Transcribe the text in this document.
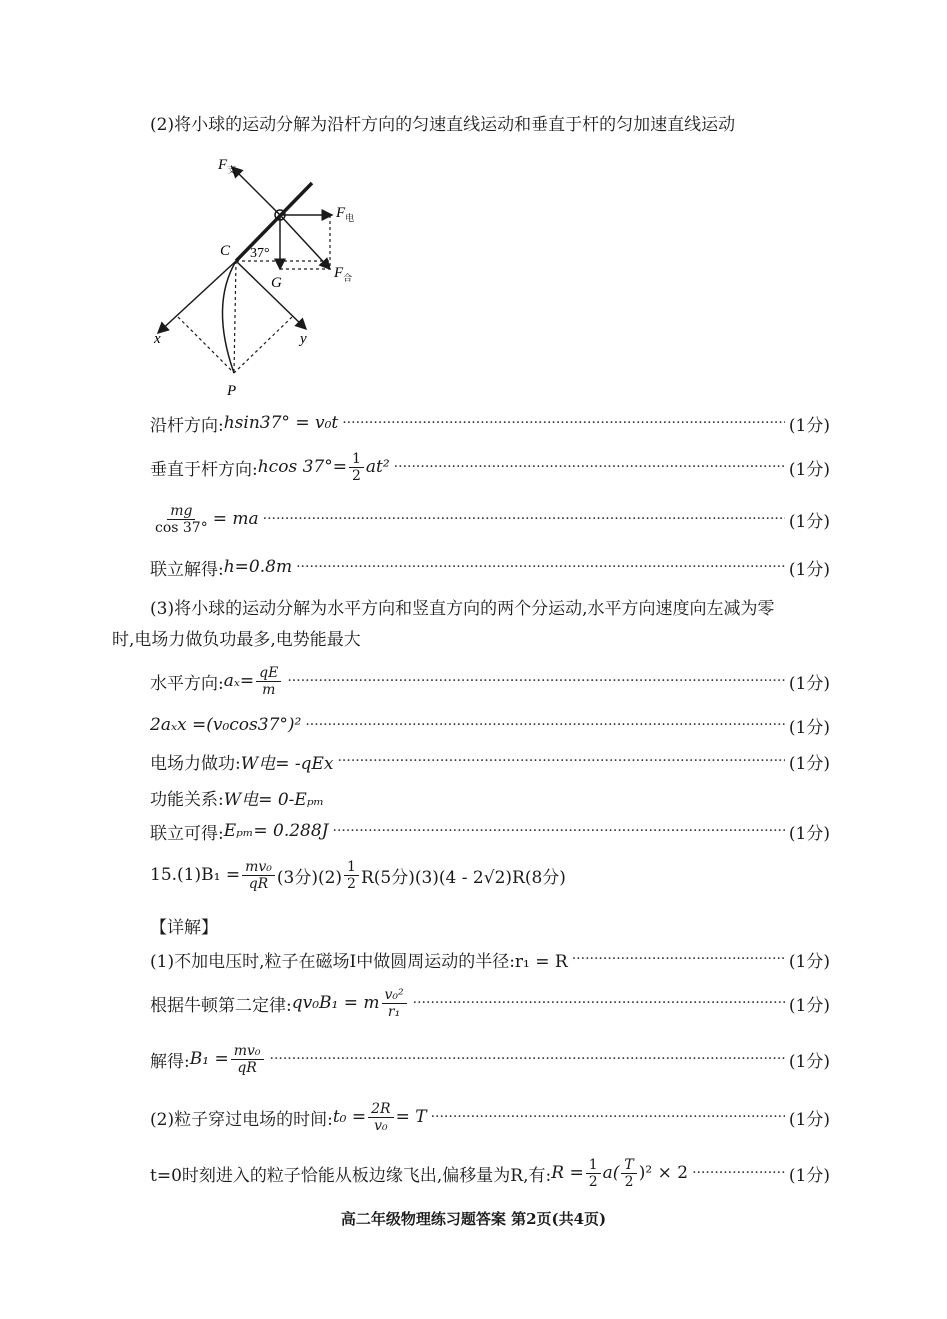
(2)将小球的运动分解为沿杆方向的匀速直线运动和垂直于杆的匀加速直线运动
$F_支$
$F_电$
$F_合$
C 37°
G
x	y
P
沿杆方向: hsin37° = v₀t ·····	(1分)
垂直于杆方向: hcos $37^\circ= \frac{1}{2} at^2$ ·····	(1分)
$\frac{mg}{\cos 37^\circ}$ = ma ·····	(1分)
联立解得: h=0.8m ·····	(1分)
(3)将小球的运动分解为水平方向和竖直方向的两个分运动,水平方向速度向左减为零
时,电场力做负功最多,电势能最大
水平方向: $a_x= \frac{qE}{m}$ ·····	(1分)
2aₓx =(v₀cos37°)² ·····	(1分)
电场力做功: W电= -qEx ·····	(1分)
功能关系: W电= 0-Eₚₘ
联立可得: Eₚₘ= 0.288J ·····	(1分)
$15.(1)B_1 = \frac{\text{mv₀}}{qR} (3$分)$(2) \frac{1}{2} R(5$分)(3)(4 - 2√2)R(8分)
【详解】
(1)不加电压时,粒子在磁场Ⅰ中做圆周运动的半径:r₁ = R ·····	(1分)
根据牛顿第二定律: qv₀B₁ = m $\frac{\text{v₀²}}{\text{r₁}}$ ·····	(1分)
解得: $B_1 = \frac{\text{mv₀}}{qR}$ ·····	(1分)
(2)粒子穿过电场的时间: $t_0 = \frac{2R}{\text{v₀}} = T$ ·····	(1分)
t=0时刻进入的粒子恰能从板边缘飞出,偏移量为R,有: $R = \frac{1}{2} a( \frac{T}{2} )^2 \times 2$ ·····	(1分)
高二年级物理练习题答案 第2页(共4页)
